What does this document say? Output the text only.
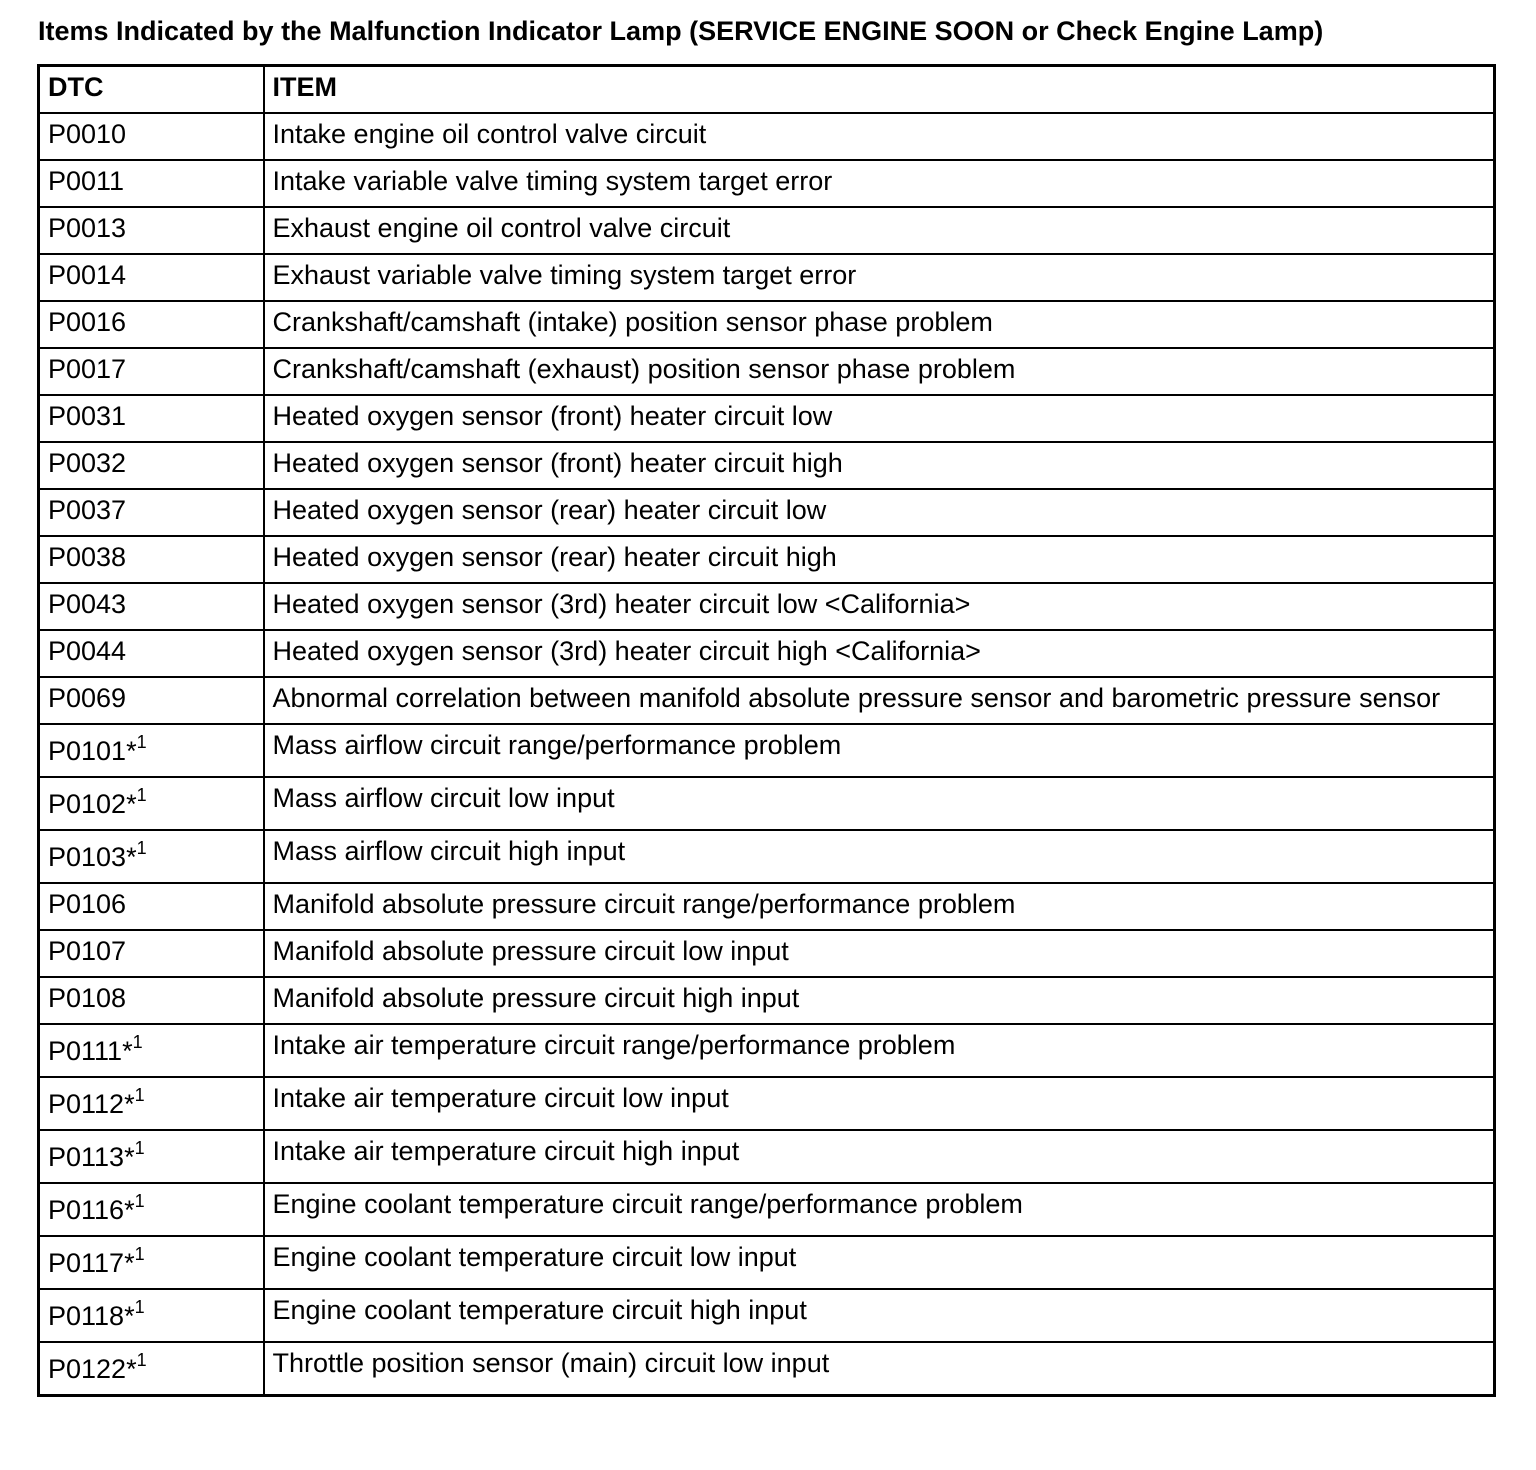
Items Indicated by the Malfunction Indicator Lamp (SERVICE ENGINE SOON or Check Engine Lamp)
DTC	ITEM
P0010	Intake engine oil control valve circuit
P0011	Intake variable valve timing system target error
P0013	Exhaust engine oil control valve circuit
P0014	Exhaust variable valve timing system target error
P0016	Crankshaft/camshaft (intake) position sensor phase problem
P0017	Crankshaft/camshaft (exhaust) position sensor phase problem
P0031	Heated oxygen sensor (front) heater circuit low
P0032	Heated oxygen sensor (front) heater circuit high
P0037	Heated oxygen sensor (rear) heater circuit low
P0038	Heated oxygen sensor (rear) heater circuit high
P0043	Heated oxygen sensor (3rd) heater circuit low <California>
P0044	Heated oxygen sensor (3rd) heater circuit high <California>
P0069	Abnormal correlation between manifold absolute pressure sensor and barometric pressure sensor
P0101*$^1$	Mass airflow circuit range/performance problem
P0102*$^1$	Mass airflow circuit low input
P0103*$^1$	Mass airflow circuit high input
P0106	Manifold absolute pressure circuit range/performance problem
P0107	Manifold absolute pressure circuit low input
P0108	Manifold absolute pressure circuit high input
P0111*$^1$	Intake air temperature circuit range/performance problem
P0112*$^1$	Intake air temperature circuit low input
P0113*$^1$	Intake air temperature circuit high input
P0116*$^1$	Engine coolant temperature circuit range/performance problem
P0117*$^1$	Engine coolant temperature circuit low input
P0118*$^1$	Engine coolant temperature circuit high input
P0122*$^1$	Throttle position sensor (main) circuit low input
